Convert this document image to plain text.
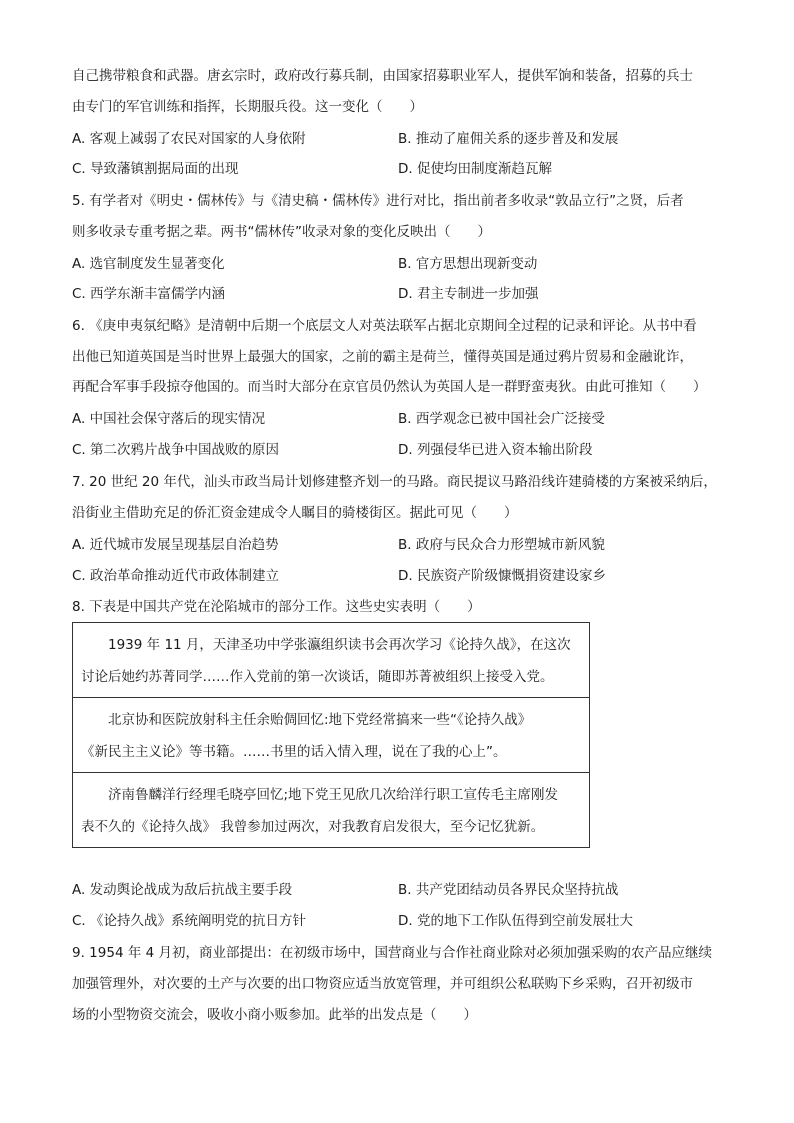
自己携带粮食和武器。唐玄宗时，政府改行募兵制，由国家招募职业军人，提供军饷和装备，招募的兵士
由专门的军官训练和指挥，长期服兵役。这一变化（　　）
A. 客观上减弱了农民对国家的人身依附	B. 推动了雇佣关系的逐步普及和发展
C. 导致藩镇割据局面的出现	D. 促使均田制度渐趋瓦解
5. 有学者对《明史・儒林传》与《清史稿・儒林传》进行对比，指出前者多收录“敦品立行”之贤，后者
则多收录专重考据之辈。两书“儒林传”收录对象的变化反映出（　　）
A. 选官制度发生显著变化	B. 官方思想出现新变动
C. 西学东渐丰富儒学内涵	D. 君主专制进一步加强
6. 《庚申夷氛纪略》是清朝中后期一个底层文人对英法联军占据北京期间全过程的记录和评论。从书中看
出他已知道英国是当时世界上最强大的国家，之前的霸主是荷兰，懂得英国是通过鸦片贸易和金融讹诈，
再配合军事手段掠夺他国的。而当时大部分在京官员仍然认为英国人是一群野蛮夷狄。由此可推知（　　）
A. 中国社会保守落后的现实情况	B. 西学观念已被中国社会广泛接受
C. 第二次鸦片战争中国战败的原因	D. 列强侵华已进入资本输出阶段
7. 20 世纪 20 年代，汕头市政当局计划修建整齐划一的马路。商民提议马路沿线许建骑楼的方案被采纳后，
沿街业主借助充足的侨汇资金建成令人瞩目的骑楼街区。据此可见（　　）
A. 近代城市发展呈现基层自治趋势	B. 政府与民众合力形塑城市新风貌
C. 政治革命推动近代市政体制建立	D. 民族资产阶级慷慨捐资建设家乡
8. 下表是中国共产党在沦陷城市的部分工作。这些史实表明（　　）
1939 年 11 月，天津圣功中学张瀛组织读书会再次学习《论持久战》，在这次
讨论后她约苏菁同学……作入党前的第一次谈话，随即苏菁被组织上接受入党。

北京协和医院放射科主任余贻倜回忆:地下党经常搞来一些“《论持久战》
《新民主主义论》等书籍。……书里的话入情入理，说在了我的心上”。

济南鲁麟洋行经理毛晓亭回忆;地下党王见欣几次给洋行职工宣传毛主席刚发
表不久的《论持久战》 我曾参加过两次，对我教育启发很大，至今记忆犹新。
A. 发动舆论战成为敌后抗战主要手段	B. 共产党团结动员各界民众坚持抗战
C. 《论持久战》系统阐明党的抗日方针	D. 党的地下工作队伍得到空前发展壮大
9. 1954 年 4 月初，商业部提出：在初级市场中，国营商业与合作社商业除对必须加强采购的农产品应继续
加强管理外，对次要的土产与次要的出口物资应适当放宽管理，并可组织公私联购下乡采购，召开初级市
场的小型物资交流会，吸收小商小贩参加。此举的出发点是（　　）
